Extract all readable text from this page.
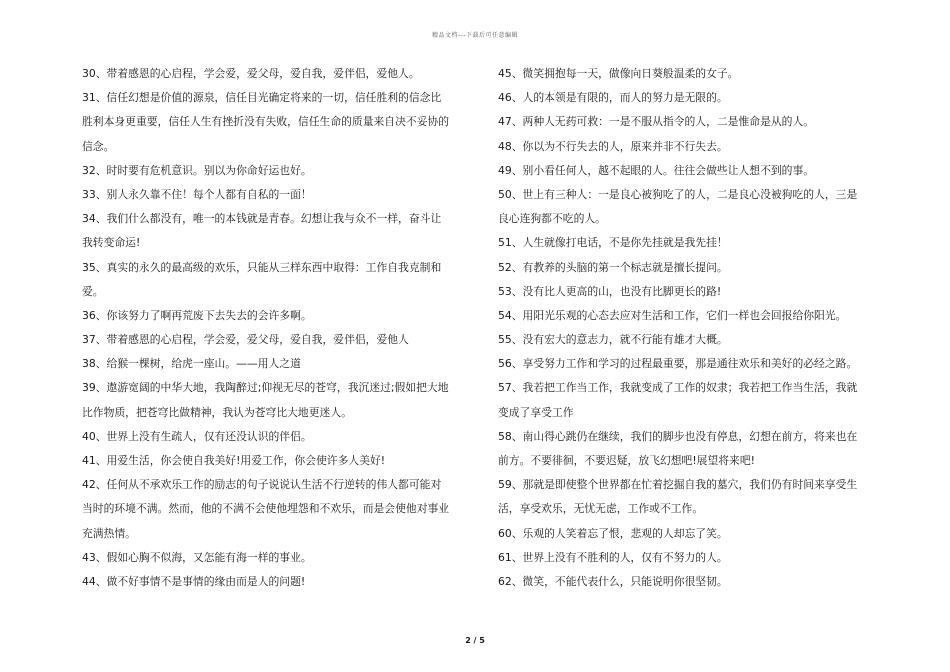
精品文档---下载后可任意编辑
30、带着感恩的心启程，学会爱，爱父母，爱自我，爱伴侣，爱他人。
31、信任幻想是价值的源泉，信任目光确定将来的一切，信任胜利的信念比
胜利本身更重要，信任人生有挫折没有失败，信任生命的质量来自决不妥协的
信念。
32、时时要有危机意识。别以为你命好运也好。
33、别人永久靠不住！每个人都有自私的一面！
34、我们什么都没有，唯一的本钱就是青春。幻想让我与众不一样，奋斗让
我转变命运!
35、真实的永久的最高级的欢乐，只能从三样东西中取得：工作自我克制和
爱。
36、你该努力了啊再荒废下去失去的会许多啊。
37、带着感恩的心启程，学会爱，爱父母，爱自我，爱伴侣，爱他人
38、给猴一棵树，给虎一座山。——用人之道
39、遨游宽阔的中华大地，我陶醉过;仰视无尽的苍穹，我沉迷过;假如把大地
比作物质，把苍穹比做精神，我认为苍穹比大地更迷人。
40、世界上没有生疏人，仅有还没认识的伴侣。
41、用爱生活，你会使自我美好!用爱工作，你会使许多人美好!
42、任何从不承欢乐工作的励志的句子说说认生活不行逆转的伟人都可能对
当时的环境不满。然而，他的不满不会使他埋怨和不欢乐，而是会使他对事业
充满热情。
43、假如心胸不似海，又怎能有海一样的事业。
44、做不好事情不是事情的缘由而是人的问题!
45、微笑拥抱每一天，做像向日葵般温柔的女子。
46、人的本领是有限的，而人的努力是无限的。
47、两种人无药可救：一是不服从指令的人，二是惟命是从的人。
48、你以为不行失去的人，原来并非不行失去。
49、别小看任何人，越不起眼的人。往往会做些让人想不到的事。
50、世上有三种人：一是良心被狗吃了的人，二是良心没被狗吃的人，三是
良心连狗都不吃的人。
51、人生就像打电话，不是你先挂就是我先挂！
52、有教养的头脑的第一个标志就是擅长提问。
53、没有比人更高的山，也没有比脚更长的路!
54、用阳光乐观的心态去应对生活和工作，它们一样也会回报给你阳光。
55、没有宏大的意志力，就不行能有雄才大概。
56、享受努力工作和学习的过程最重要，那是通往欢乐和美好的必经之路。
57、我若把工作当工作，我就变成了工作的奴隶；我若把工作当生活，我就
变成了享受工作
58、南山得心跳仍在继续，我们的脚步也没有停息，幻想在前方，将来也在
前方。不要徘徊，不要迟疑，放飞幻想吧!展望将来吧!
59、那就是即使整个世界都在忙着挖掘自我的墓穴，我们仍有时间来享受生
活，享受欢乐，无忧无虑，工作或不工作。
60、乐观的人笑着忘了恨，悲观的人却忘了笑。
61、世界上没有不胜利的人，仅有不努力的人。
62、微笑，不能代表什么，只能说明你很坚韧。
2 / 5
